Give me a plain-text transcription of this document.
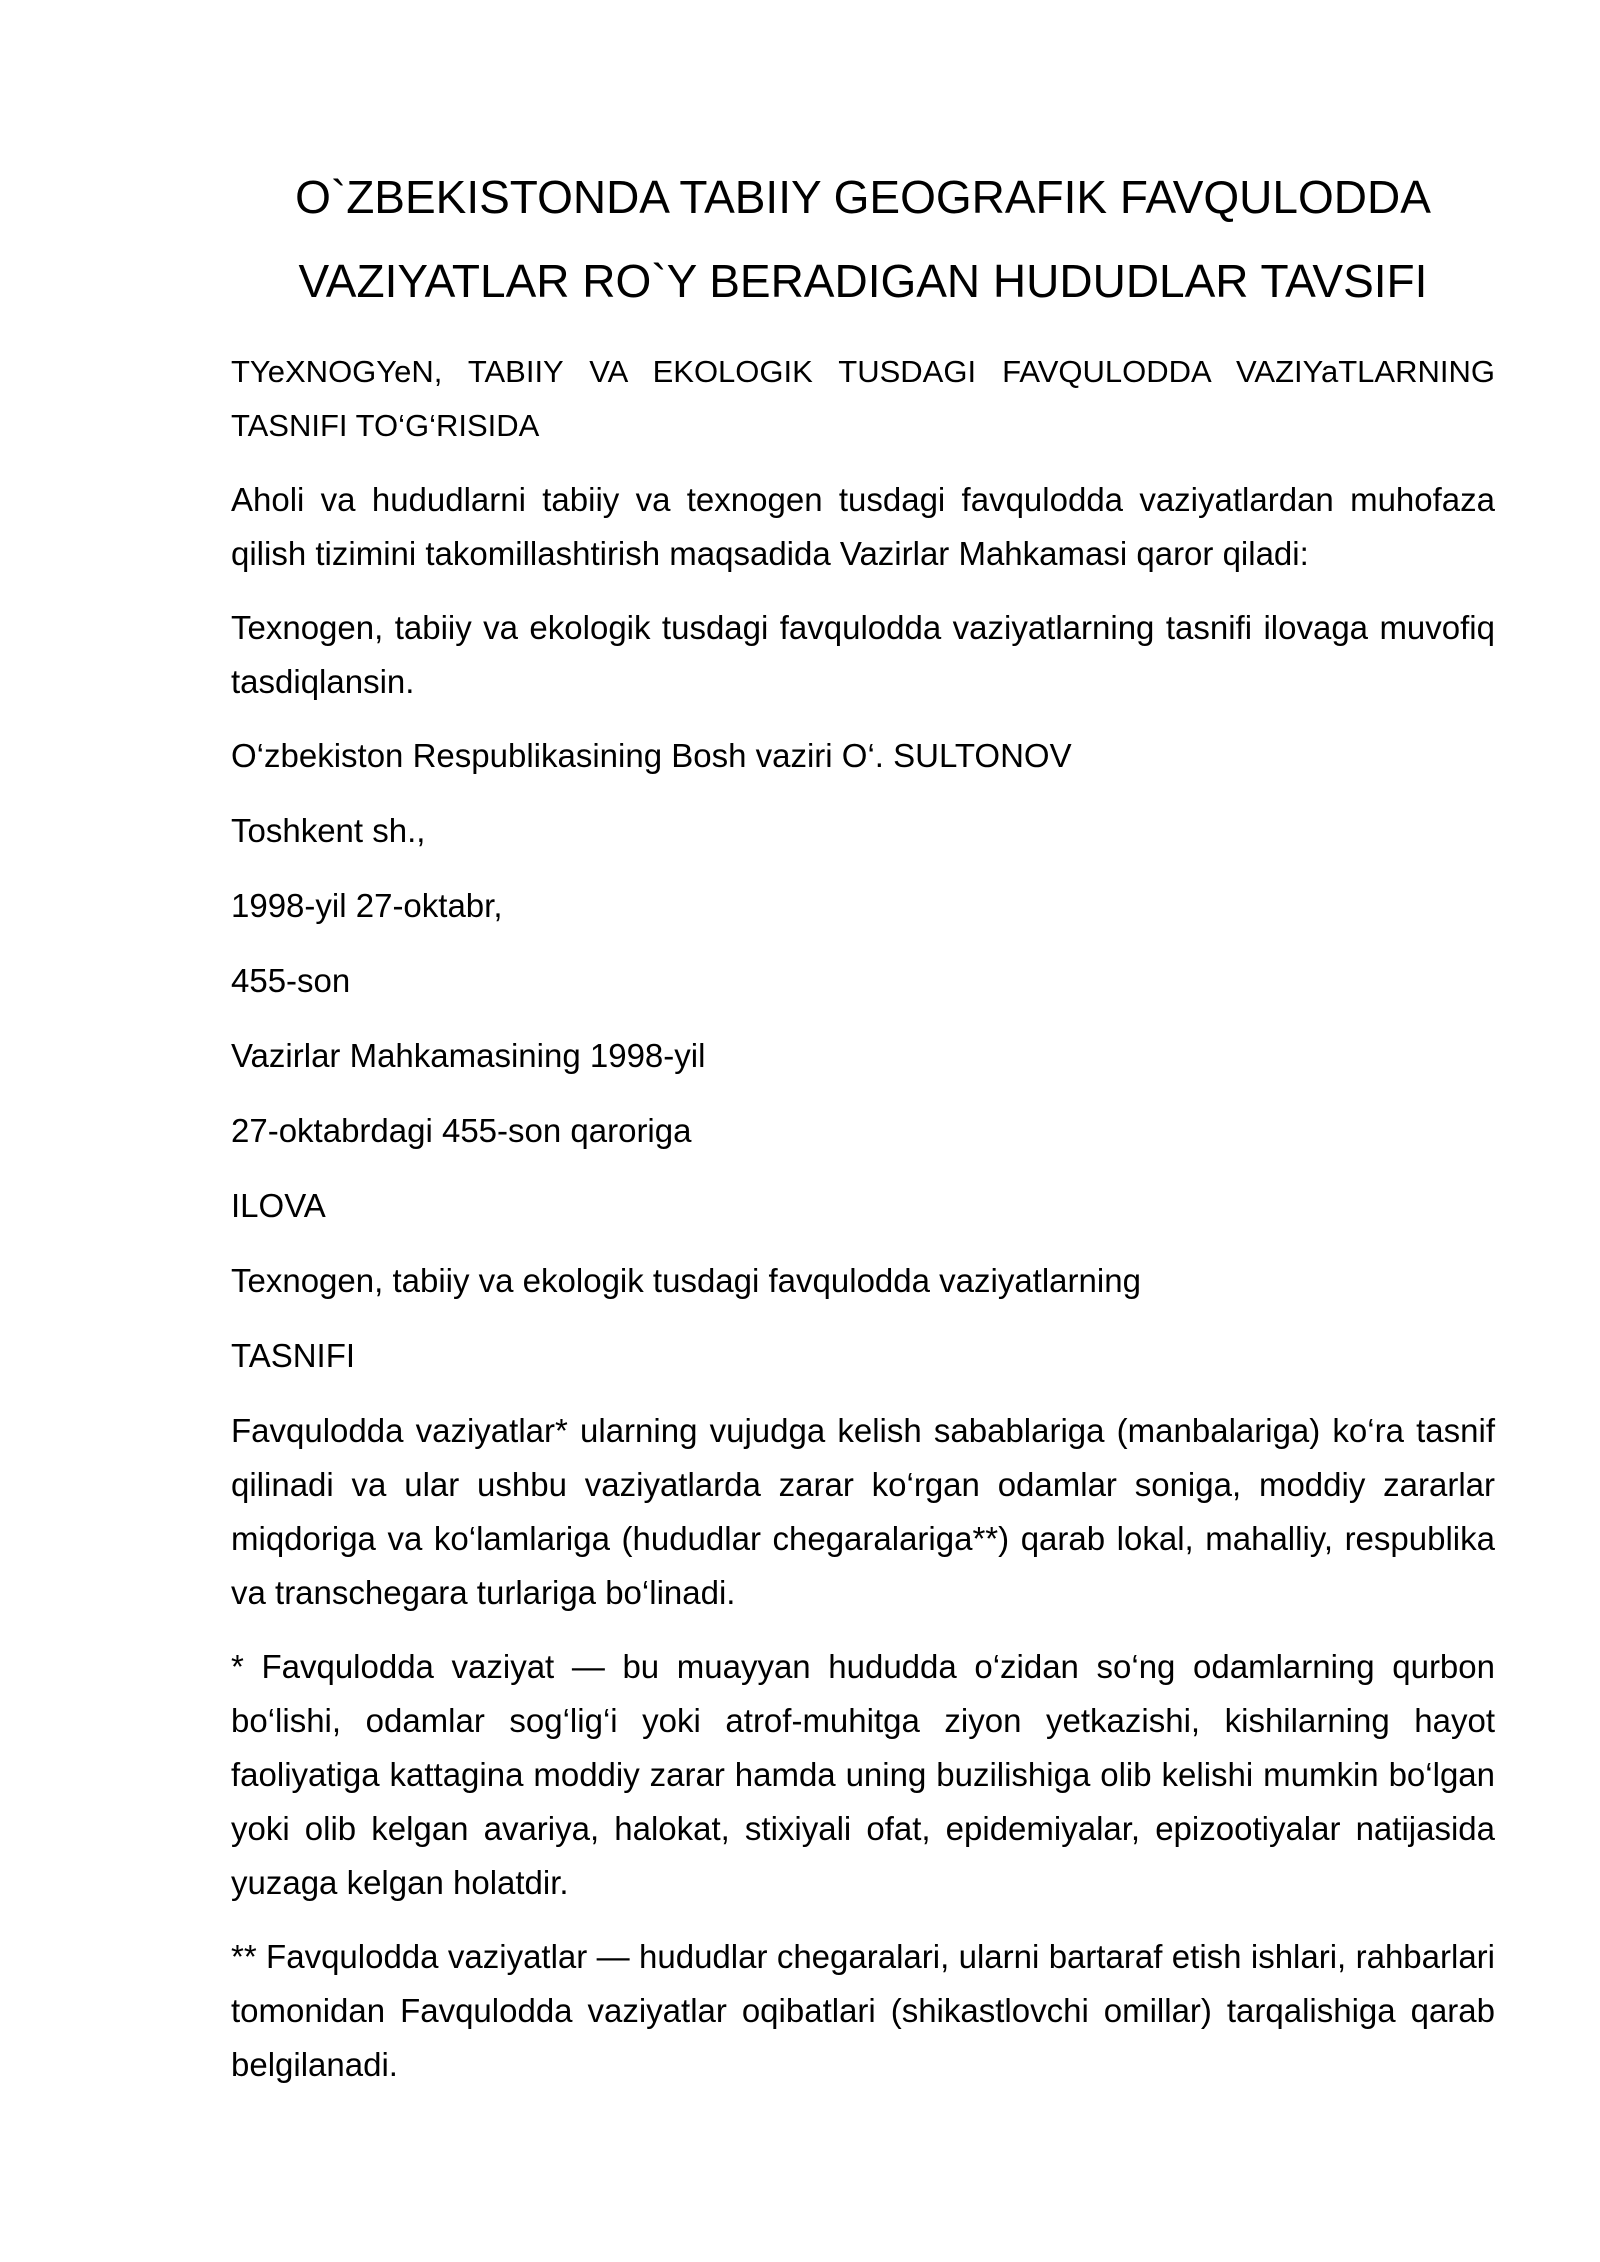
O`ZBEKISTONDA TABIIY GEOGRAFIK FAVQULODDA VAZIYATLAR RO`Y BERADIGAN HUDUDLAR TAVSIFI

TYeXNOGYeN, TABIIY VA EKOLOGIK TUSDAGI FAVQULODDA VAZIYaTLARNING TASNIFI TO‘G‘RISIDA

Aholi va hududlarni tabiiy va texnogen tusdagi favqulodda vaziyatlardan muhofaza qilish tizimini takomillashtirish maqsadida Vazirlar Mahkamasi qaror qiladi:

Texnogen, tabiiy va ekologik tusdagi favqulodda vaziyatlarning tasnifi ilovaga muvofiq tasdiqlansin.

O‘zbekiston Respublikasining Bosh vaziri O‘. SULTONOV

Toshkent sh.,

1998-yil 27-oktabr,

455-son

Vazirlar Mahkamasining 1998-yil

27-oktabrdagi 455-son qaroriga

ILOVA

Texnogen, tabiiy va ekologik tusdagi favqulodda vaziyatlarning

TASNIFI

Favqulodda vaziyatlar* ularning vujudga kelish sabablariga (manbalariga) ko‘ra tasnif qilinadi va ular ushbu vaziyatlarda zarar ko‘rgan odamlar soniga, moddiy zararlar miqdoriga va ko‘lamlariga (hududlar chegaralariga**) qarab lokal, mahalliy, respublika va transchegara turlariga bo‘linadi.

* Favqulodda vaziyat — bu muayyan hududda o‘zidan so‘ng odamlarning qurbon bo‘lishi, odamlar sog‘lig‘i yoki atrof-muhitga ziyon yetkazishi, kishilarning hayot faoliyatiga kattagina moddiy zarar hamda uning buzilishiga olib kelishi mumkin bo‘lgan yoki olib kelgan avariya, halokat, stixiyali ofat, epidemiyalar, epizootiyalar natijasida yuzaga kelgan holatdir.

** Favqulodda vaziyatlar — hududlar chegaralari, ularni bartaraf etish ishlari, rahbarlari tomonidan Favqulodda vaziyatlar oqibatlari (shikastlovchi omillar) tarqalishiga qarab belgilanadi.
